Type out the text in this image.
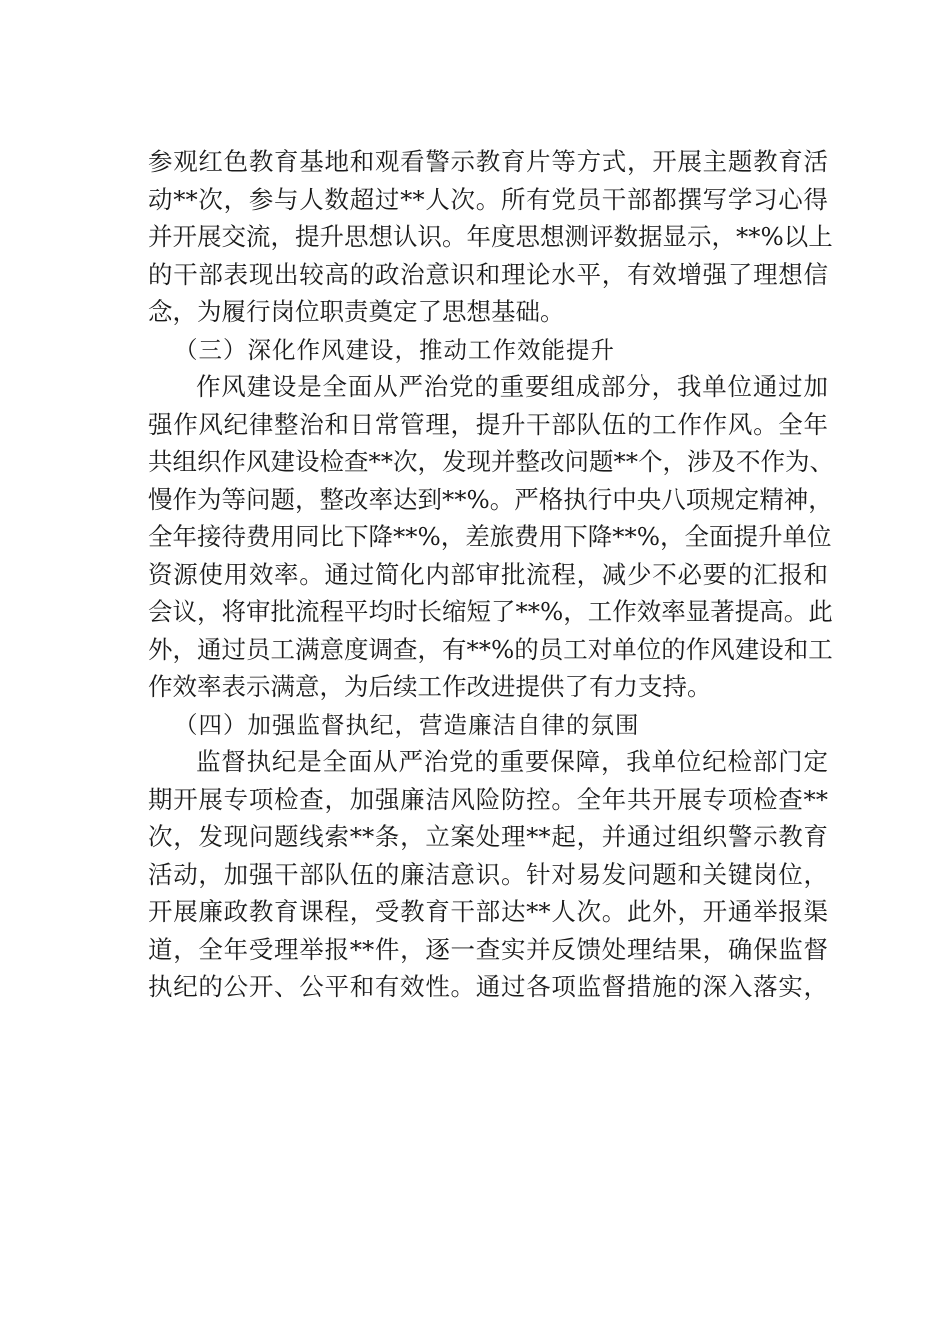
参观红色教育基地和观看警示教育片等方式，开展主题教育活
动**次，参与人数超过**人次。所有党员干部都撰写学习心得
并开展交流，提升思想认识。年度思想测评数据显示，**%以上
的干部表现出较高的政治意识和理论水平，有效增强了理想信
念，为履行岗位职责奠定了思想基础。
（三）深化作风建设，推动工作效能提升
作风建设是全面从严治党的重要组成部分，我单位通过加
强作风纪律整治和日常管理，提升干部队伍的工作作风。全年
共组织作风建设检查**次，发现并整改问题**个，涉及不作为、
慢作为等问题，整改率达到**%。严格执行中央八项规定精神，
全年接待费用同比下降**%，差旅费用下降**%，全面提升单位
资源使用效率。通过简化内部审批流程，减少不必要的汇报和
会议，将审批流程平均时长缩短了**%，工作效率显著提高。此
外，通过员工满意度调查，有**%的员工对单位的作风建设和工
作效率表示满意，为后续工作改进提供了有力支持。
（四）加强监督执纪，营造廉洁自律的氛围
监督执纪是全面从严治党的重要保障，我单位纪检部门定
期开展专项检查，加强廉洁风险防控。全年共开展专项检查**
次，发现问题线索**条，立案处理**起，并通过组织警示教育
活动，加强干部队伍的廉洁意识。针对易发问题和关键岗位，
开展廉政教育课程，受教育干部达**人次。此外，开通举报渠
道，全年受理举报**件，逐一查实并反馈处理结果，确保监督
执纪的公开、公平和有效性。通过各项监督措施的深入落实，
